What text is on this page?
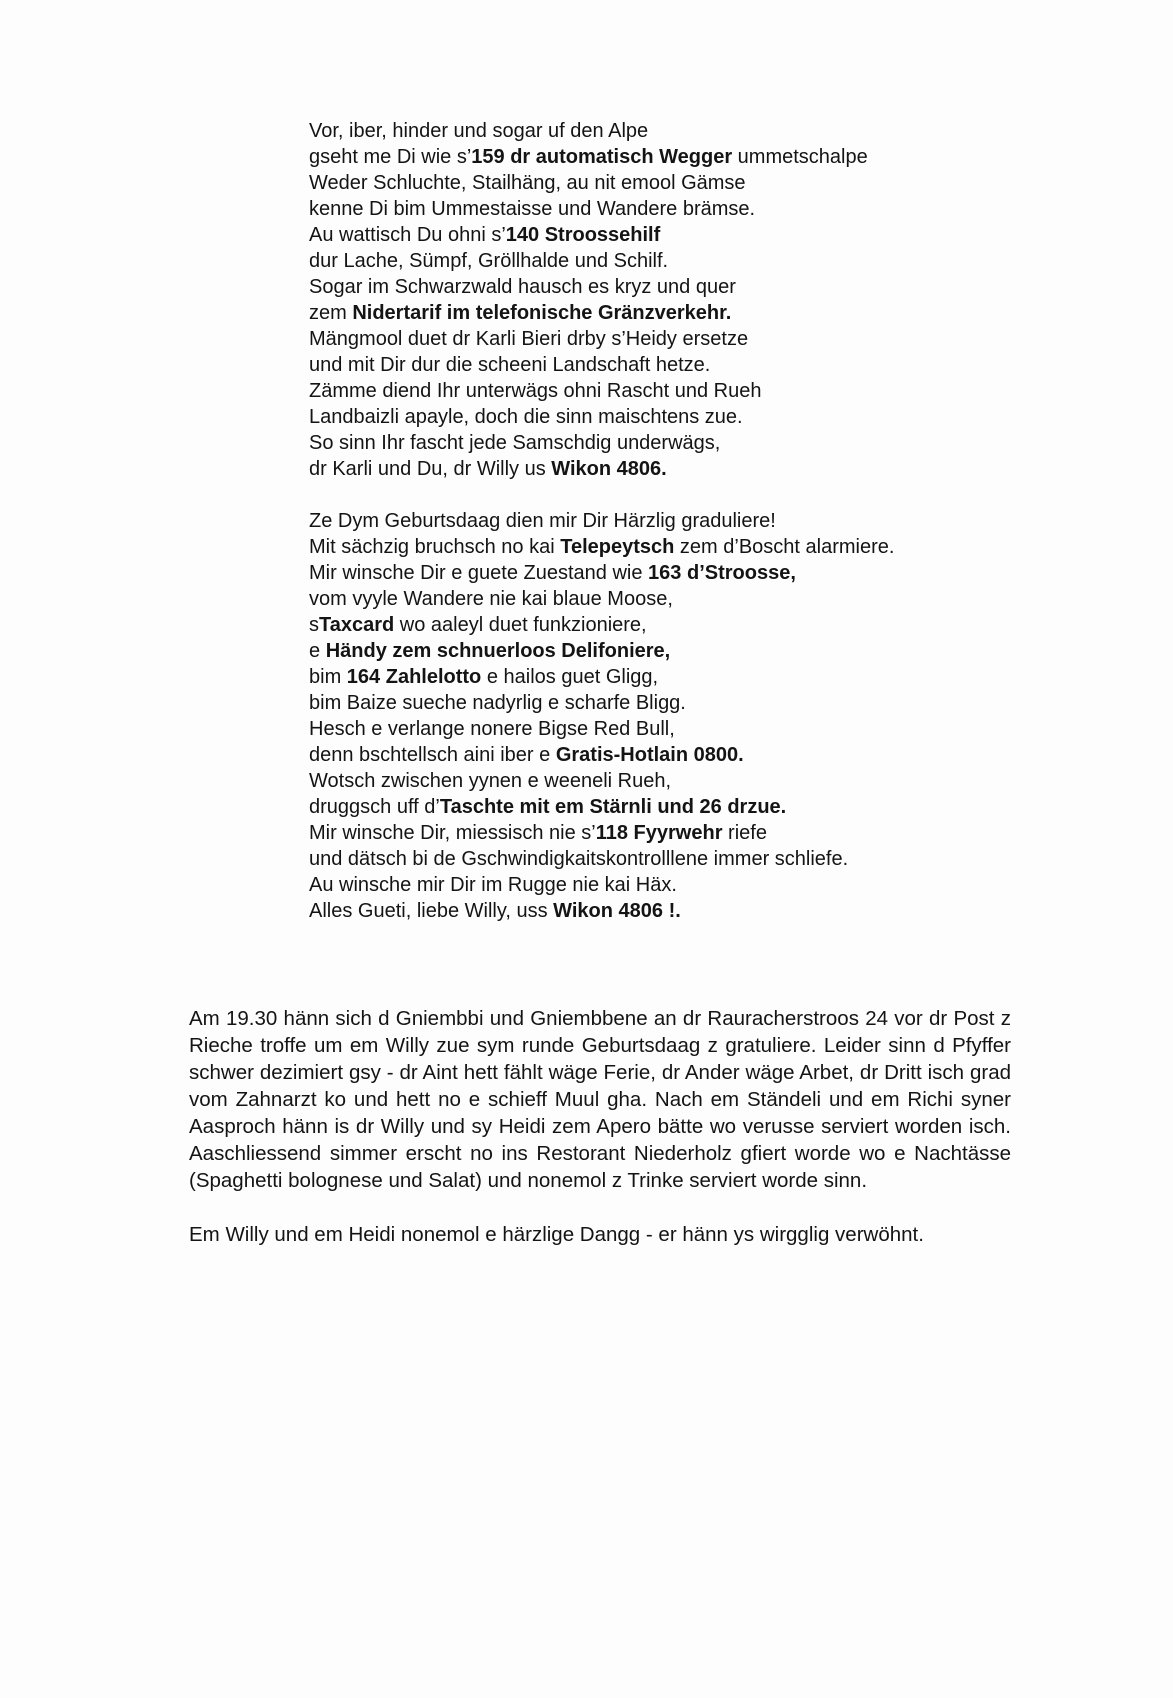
Vor, iber, hinder und sogar uf den Alpe
gseht me Di wie s’159 dr automatisch Wegger ummetschalpe
Weder Schluchte, Stailhäng, au nit emool Gämse
kenne Di bim Ummestaisse und Wandere brämse.
Au wattisch Du ohni s’140 Stroossehilf
dur Lache, Sümpf, Gröllhalde und Schilf.
Sogar im Schwarzwald hausch es kryz und quer
zem Nidertarif im telefonische Gränzverkehr.
Mängmool duet dr Karli Bieri drby s’Heidy ersetze
und mit Dir dur die scheeni Landschaft hetze.
Zämme diend Ihr unterwägs ohni Rascht und Rueh
Landbaizli apayle, doch die sinn maischtens zue.
So sinn Ihr fascht jede Samschdig underwägs,
dr Karli und Du, dr Willy us Wikon 4806.
Ze Dym Geburtsdaag dien mir Dir Härzlig graduliere!
Mit sächzig bruchsch no kai Telepeytsch zem d’Boscht alarmiere.
Mir winsche Dir e guete Zuestand wie 163 d’Stroosse,
vom vyyle Wandere nie kai blaue Moose,
sTaxcard wo aaleyl duet funkzioniere,
e Händy zem schnuerloos Delifoniere,
bim 164 Zahlelotto e hailos guet Gligg,
bim Baize sueche nadyrlig e scharfe Bligg.
Hesch e verlange nonere Bigse Red Bull,
denn bschtellsch aini iber e Gratis-Hotlain 0800.
Wotsch zwischen yynen e weeneli Rueh,
druggsch uff d’Taschte mit em Stärnli und 26 drzue.
Mir winsche Dir, miessisch nie s’118 Fyyrwehr riefe
und dätsch bi de Gschwindigkaitskontrolllene immer schliefe.
Au winsche mir Dir im Rugge nie kai Häx.
Alles Gueti, liebe Willy, uss Wikon 4806 !.

Am 19.30 hänn sich d Gniembbi und Gniembbene an dr Rauracherstroos 24 vor dr Post z Rieche troffe um em Willy zue sym runde Geburtsdaag z gratuliere. Leider sinn d Pfyffer schwer dezimiert gsy - dr Aint hett fählt wäge Ferie, dr Ander wäge Arbet, dr Dritt isch grad vom Zahnarzt ko und hett no e schieff Muul gha. Nach em Ständeli und em Richi syner Aasproch hänn is dr Willy und sy Heidi zem Apero bätte wo verusse serviert worden isch. Aaschliessend simmer erscht no ins Restorant Niederholz gfiert worde wo e Nachtässe (Spaghetti bolognese und Salat) und nonemol z Trinke serviert worde sinn.

Em Willy und em Heidi nonemol e härzlige Dangg - er hänn ys wirgglig verwöhnt.
